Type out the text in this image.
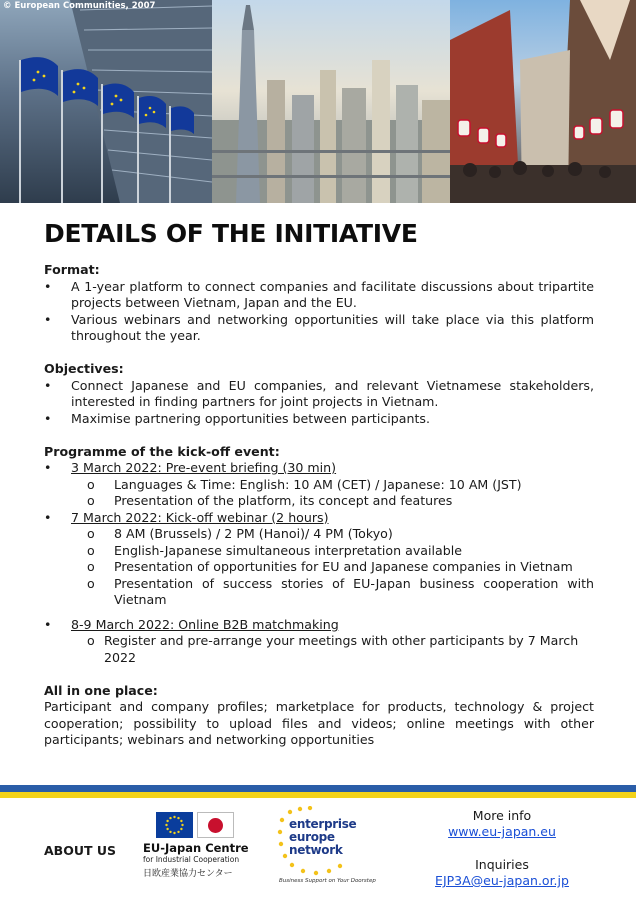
© European Communities, 2007
DETAILS OF THE INITIATIVE
Format:
• A 1-year platform to connect companies and facilitate discussions about tripartite projects between Vietnam, Japan and the EU.
• Various webinars and networking opportunities will take place via this platform throughout the year.
Objectives:
• Connect Japanese and EU companies, and relevant Vietnamese stakeholders, interested in finding partners for joint projects in Vietnam.
• Maximise partnering opportunities between participants.
Programme of the kick-off event:
• 3 March 2022: Pre-event briefing (30 min)
o Languages & Time: English: 10 AM (CET) / Japanese: 10 AM (JST)
o Presentation of the platform, its concept and features
• 7 March 2022: Kick-off webinar (2 hours)
o 8 AM (Brussels) / 2 PM (Hanoi)/ 4 PM (Tokyo)
o English-Japanese simultaneous interpretation available
o Presentation of opportunities for EU and Japanese companies in Vietnam
o Presentation of success stories of EU-Japan business cooperation with Vietnam
• 8-9 March 2022: Online B2B matchmaking
o Register and pre-arrange your meetings with other participants by 7 March 2022
All in one place:
Participant and company profiles; marketplace for products, technology & project cooperation; possibility to upload files and videos; online meetings with other participants; webinars and networking opportunities
ABOUT US EU-Japan Centre
for Industrial Cooperation
日欧産業協力センター
enterprise
europe
network
Business Support on Your Doorstep
More info
www.eu-japan.eu
Inquiries
EJP3A@eu-japan.or.jp
